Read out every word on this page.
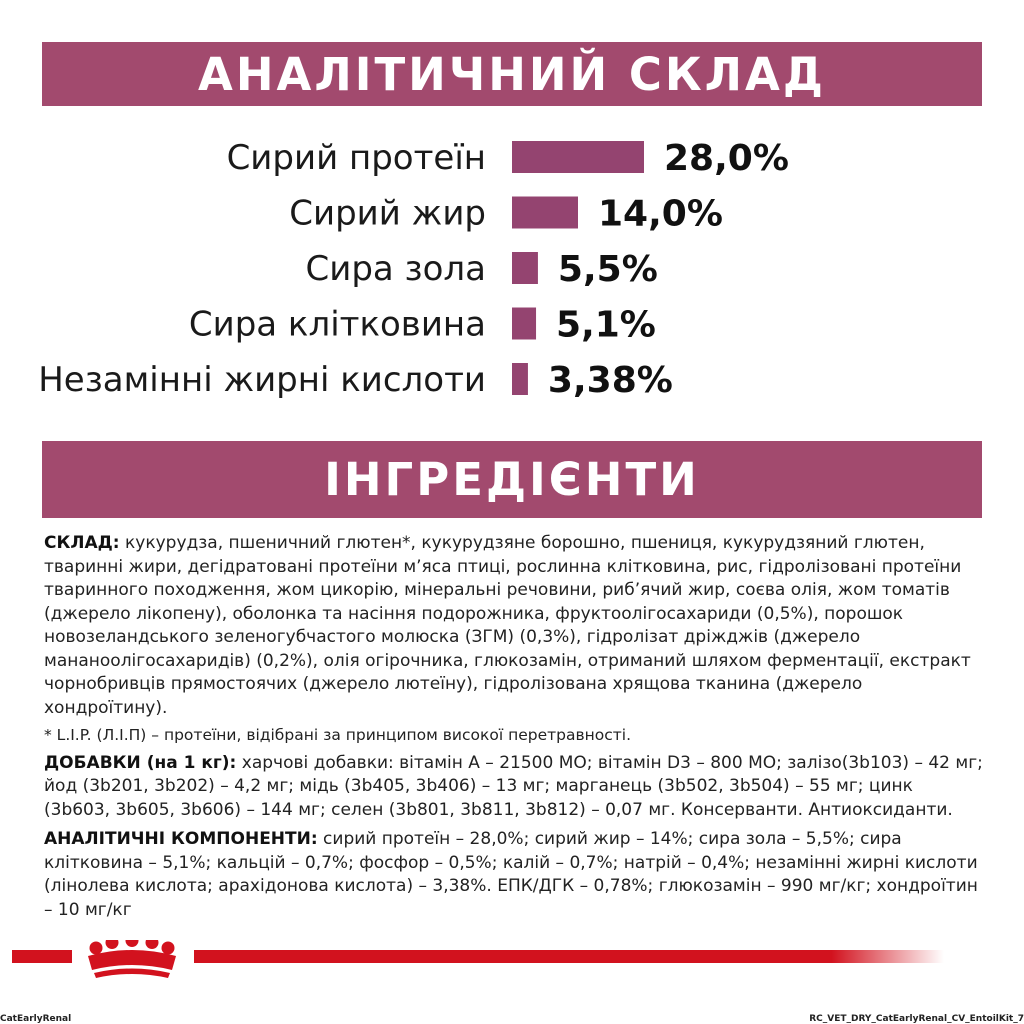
АНАЛІТИЧНИЙ СКЛАД
Сирий протеїн	28,0%
Сирий жир	14,0%
Сира зола 5,5%
Сира клітковина 5,1%
Незамінні жирні кислоти 3,38%
ІНГРЕДІЄНТИ

СКЛАД: кукурудза, пшеничний глютен*, кукурудзяне борошно, пшениця, кукурудзяний глютен, тваринні жири, дегідратовані протеїни м’яса птиці, рослинна клітковина, рис, гідролізовані протеїни тваринного походження, жом цикорію, мінеральні речовини, риб’ячий жир, соєва олія, жом томатів (джерело лікопену), оболонка та насіння подорожника, фруктоолігосахариди (0,5%), порошок новозеландського зеленогубчастого молюска (ЗГМ) (0,3%), гідролізат дріжджів (джерело мананоолігосахаридів) (0,2%), олія огірочника, глюкозамін, отриманий шляхом ферментації, екстракт чорнобривців прямостоячих (джерело лютеїну), гідролізована хрящова тканина (джерело хондроїтину).

* L.I.P. (Л.І.П) – протеїни, відібрані за принципом високої перетравності.

ДОБАВКИ (на 1 кг): харчові добавки: вітамін А – 21500 МО; вітамін D3 – 800 МО; залізо(3b103) – 42 мг; йод (3b201, 3b202) – 4,2 мг; мідь (3b405, 3b406) – 13 мг; марганець (3b502, 3b504) – 55 мг; цинк (3b603, 3b605, 3b606) – 144 мг; селен (3b801, 3b811, 3b812) – 0,07 мг. Консерванти. Антиоксиданти.

АНАЛІТИЧНІ КОМПОНЕНТИ: сирий протеїн – 28,0%; сирий жир – 14%; сира зола – 5,5%; сира клітковина – 5,1%; кальцій – 0,7%; фосфор – 0,5%; калій – 0,7%; натрій – 0,4%; незамінні жирні кислоти (лінолева кислота; арахідонова кислота) – 3,38%. ЕПК/ДГК – 0,78%; глюкозамін – 990 мг/кг; хондроїтин – 10 мг/кг

CatEarlyRenal	RC_VET_DRY_CatEarlyRenal_CV_EntoilKit_7
